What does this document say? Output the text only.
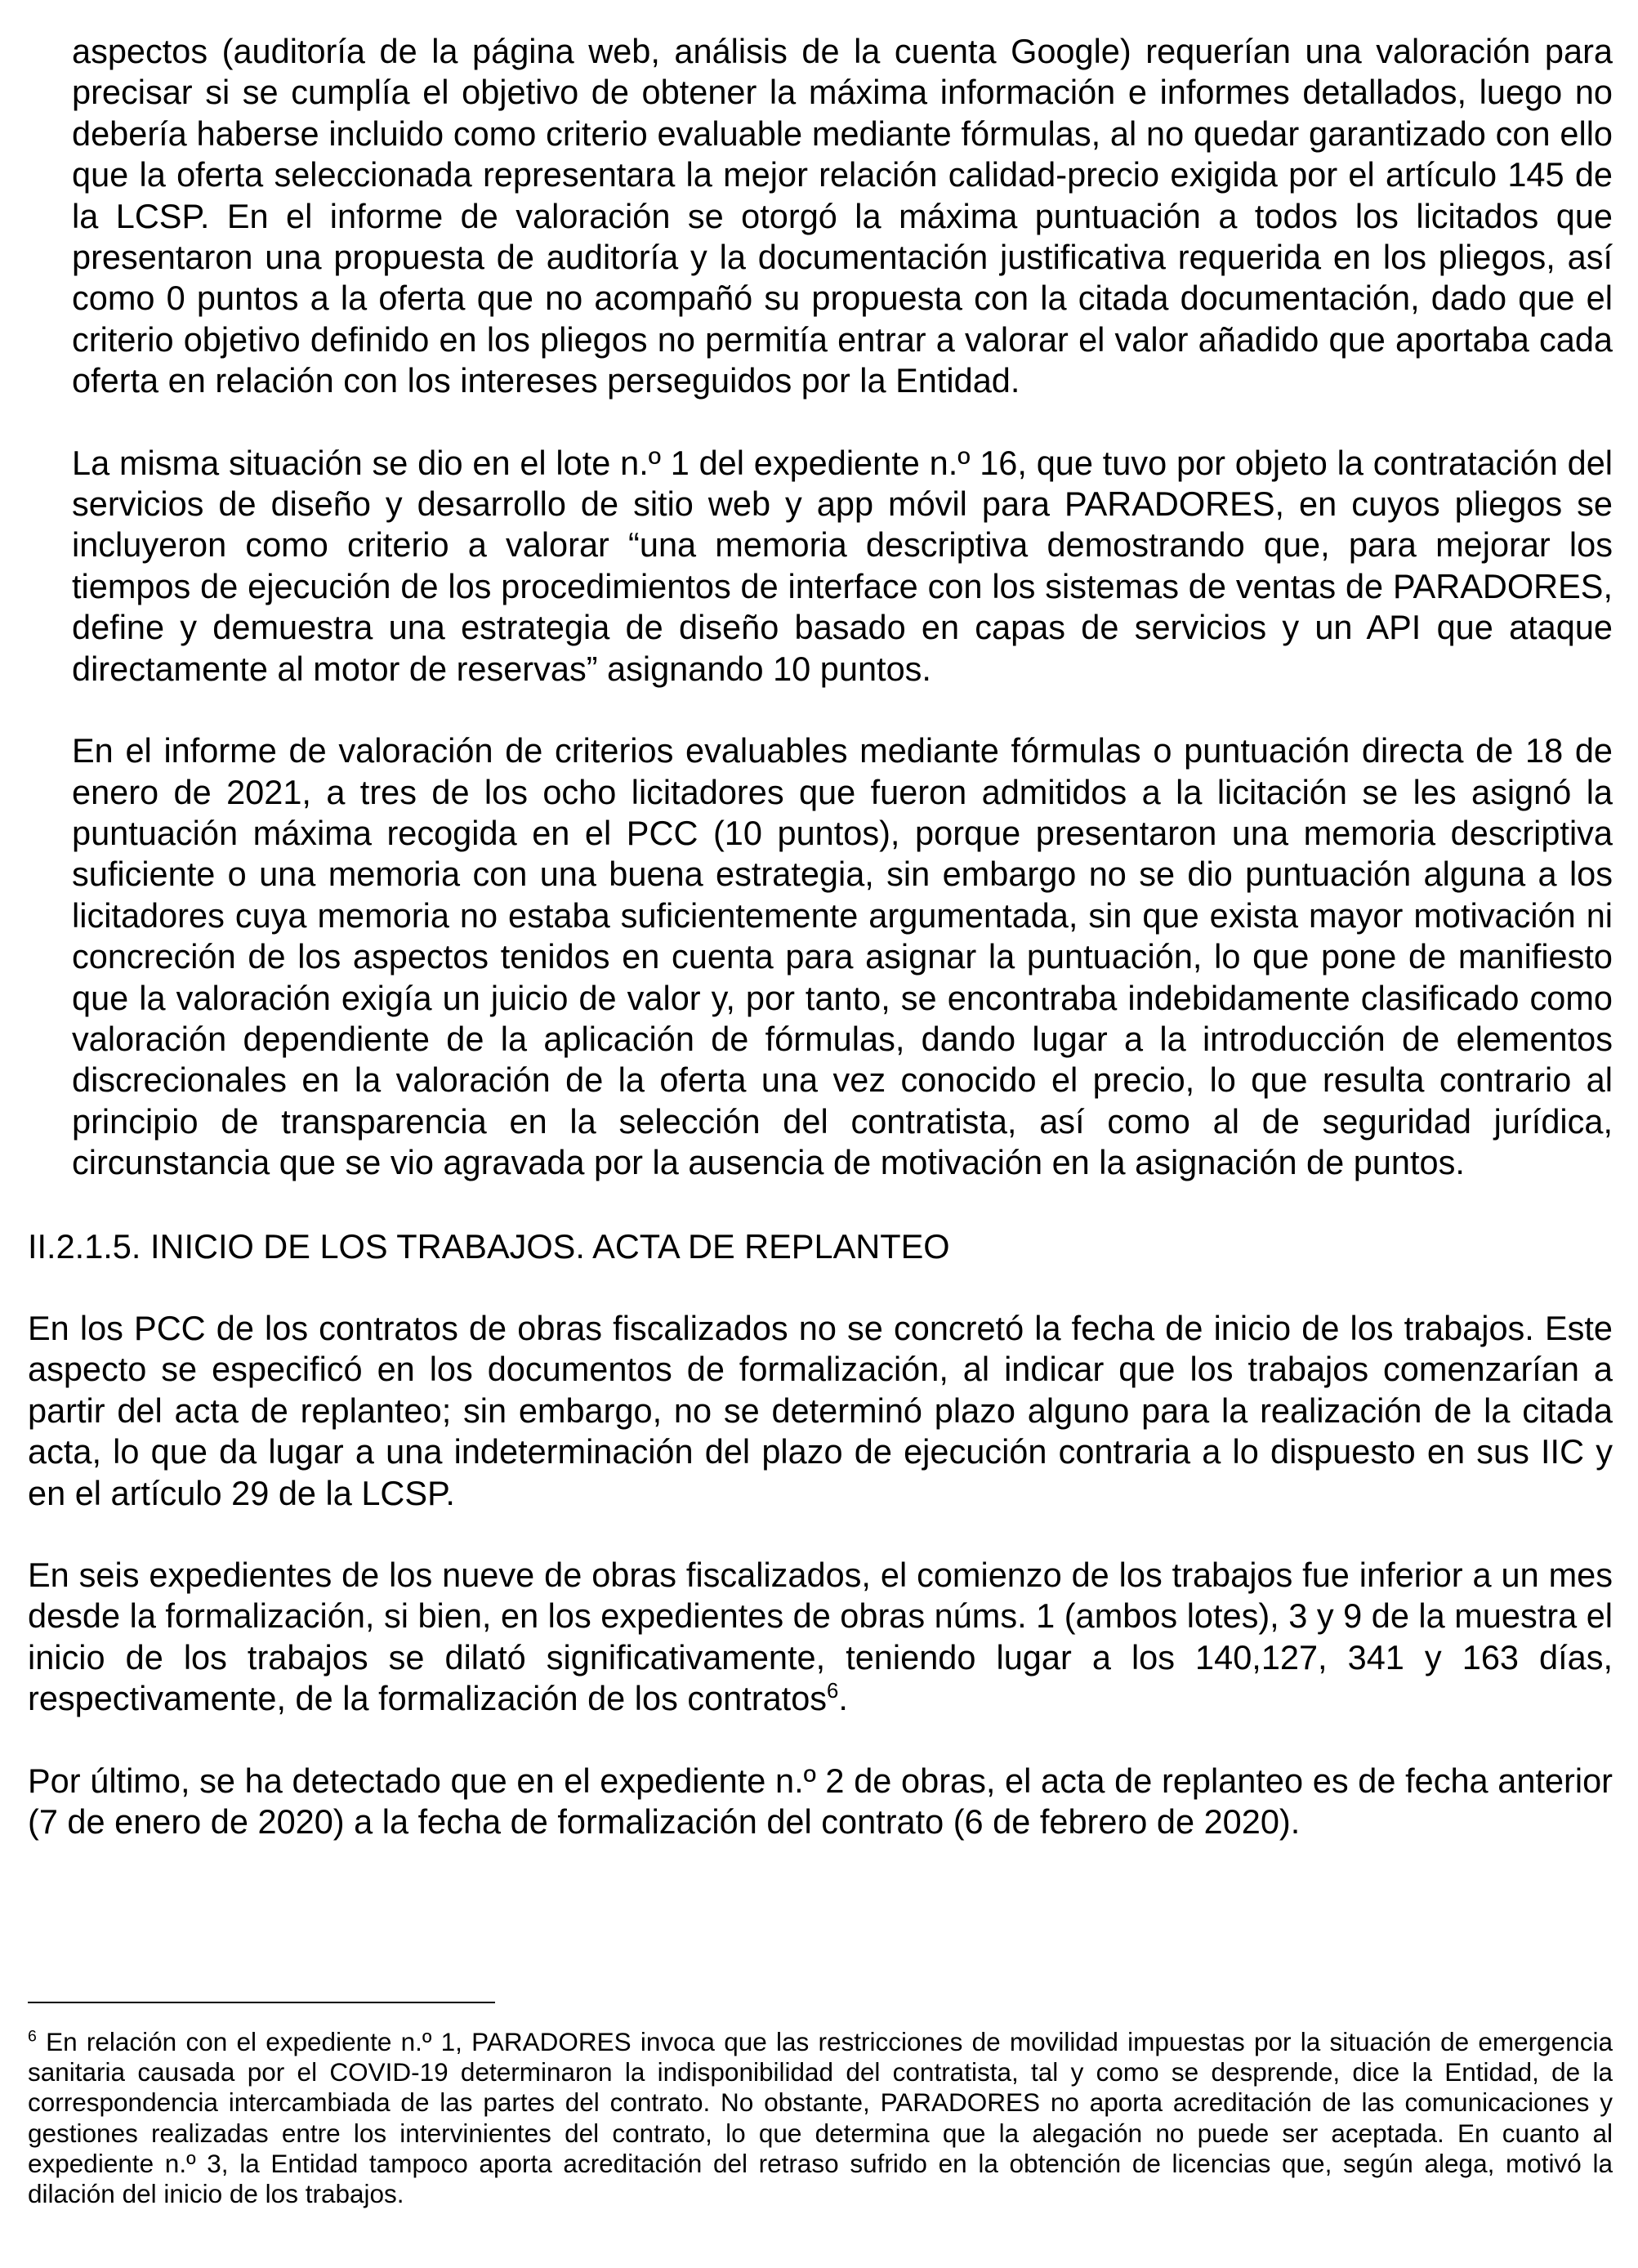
aspectos (auditoría de la página web, análisis de la cuenta Google) requerían una valoración para precisar si se cumplía el objetivo de obtener la máxima información e informes detallados, luego no debería haberse incluido como criterio evaluable mediante fórmulas, al no quedar garantizado con ello que la oferta seleccionada representara la mejor relación calidad-precio exigida por el artículo 145 de la LCSP. En el informe de valoración se otorgó la máxima puntuación a todos los licitados que presentaron una propuesta de auditoría y la documentación justificativa requerida en los pliegos, así como 0 puntos a la oferta que no acompañó su propuesta con la citada documentación, dado que el criterio objetivo definido en los pliegos no permitía entrar a valorar el valor añadido que aportaba cada oferta en relación con los intereses perseguidos por la Entidad.

La misma situación se dio en el lote n.º 1 del expediente n.º 16, que tuvo por objeto la contratación del servicios de diseño y desarrollo de sitio web y app móvil para PARADORES, en cuyos pliegos se incluyeron como criterio a valorar “una memoria descriptiva demostrando que, para mejorar los tiempos de ejecución de los procedimientos de interface con los sistemas de ventas de PARADORES, define y demuestra una estrategia de diseño basado en capas de servicios y un API que ataque directamente al motor de reservas” asignando 10 puntos.

En el informe de valoración de criterios evaluables mediante fórmulas o puntuación directa de 18 de enero de 2021, a tres de los ocho licitadores que fueron admitidos a la licitación se les asignó la puntuación máxima recogida en el PCC (10 puntos), porque presentaron una memoria descriptiva suficiente o una memoria con una buena estrategia, sin embargo no se dio puntuación alguna a los licitadores cuya memoria no estaba suficientemente argumentada, sin que exista mayor motivación ni concreción de los aspectos tenidos en cuenta para asignar la puntuación, lo que pone de manifiesto que la valoración exigía un juicio de valor y, por tanto, se encontraba indebidamente clasificado como valoración dependiente de la aplicación de fórmulas, dando lugar a la introducción de elementos discrecionales en la valoración de la oferta una vez conocido el precio, lo que resulta contrario al principio de transparencia en la selección del contratista, así como al de seguridad jurídica, circunstancia que se vio agravada por la ausencia de motivación en la asignación de puntos.

II.2.1.5. INICIO DE LOS TRABAJOS. ACTA DE REPLANTEO

En los PCC de los contratos de obras fiscalizados no se concretó la fecha de inicio de los trabajos. Este aspecto se especificó en los documentos de formalización, al indicar que los trabajos comenzarían a partir del acta de replanteo; sin embargo, no se determinó plazo alguno para la realización de la citada acta, lo que da lugar a una indeterminación del plazo de ejecución contraria a lo dispuesto en sus IIC y en el artículo 29 de la LCSP.

En seis expedientes de los nueve de obras fiscalizados, el comienzo de los trabajos fue inferior a un mes desde la formalización, si bien, en los expedientes de obras núms. 1 (ambos lotes), 3 y 9 de la muestra el inicio de los trabajos se dilató significativamente, teniendo lugar a los 140,127, 341 y 163 días, respectivamente, de la formalización de los contratos$^6$.

Por último, se ha detectado que en el expediente n.º 2 de obras, el acta de replanteo es de fecha anterior (7 de enero de 2020) a la fecha de formalización del contrato (6 de febrero de 2020).

$^6$ En relación con el expediente n.º 1, PARADORES invoca que las restricciones de movilidad impuestas por la situación de emergencia sanitaria causada por el COVID-19 determinaron la indisponibilidad del contratista, tal y como se desprende, dice la Entidad, de la correspondencia intercambiada de las partes del contrato. No obstante, PARADORES no aporta acreditación de las comunicaciones y gestiones realizadas entre los intervinientes del contrato, lo que determina que la alegación no puede ser aceptada. En cuanto al expediente n.º 3, la Entidad tampoco aporta acreditación del retraso sufrido en la obtención de licencias que, según alega, motivó la dilación del inicio de los trabajos.
